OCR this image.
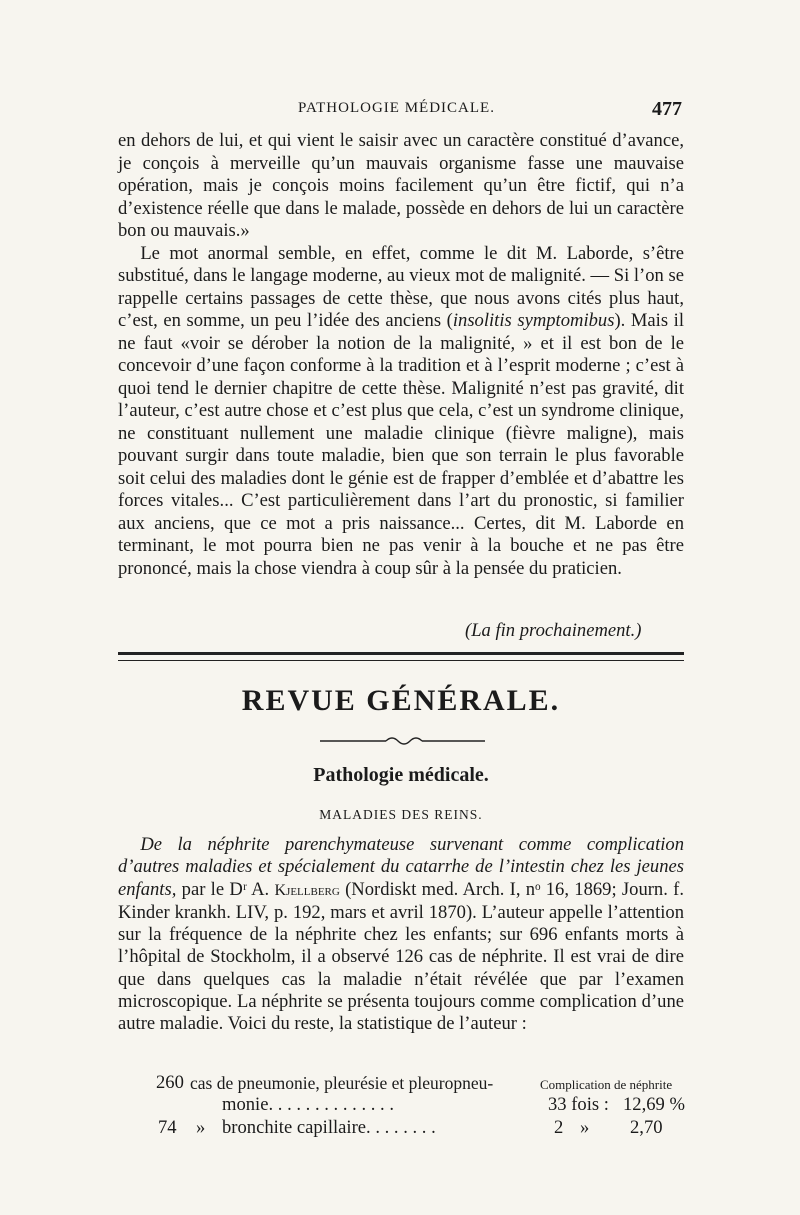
PATHOLOGIE MÉDICALE.	477

en dehors de lui, et qui vient le saisir avec un caractère constitué d’avance, je conçois à merveille qu’un mauvais organisme fasse une mauvaise opération, mais je conçois moins facilement qu’un être fictif, qui n’a d’existence réelle que dans le malade, possède en dehors de lui un caractère bon ou mauvais.»

Le mot anormal semble, en effet, comme le dit M. Laborde, s’être substitué, dans le langage moderne, au vieux mot de malignité. — Si l’on se rappelle certains passages de cette thèse, que nous avons cités plus haut, c’est, en somme, un peu l’idée des anciens (insolitis symptomibus). Mais il ne faut «voir se dérober la notion de la malignité, » et il est bon de le concevoir d’une façon conforme à la tradition et à l’esprit moderne ; c’est à quoi tend le dernier chapitre de cette thèse. Malignité n’est pas gravité, dit l’auteur, c’est autre chose et c’est plus que cela, c’est un syndrome clinique, ne constituant nullement une maladie clinique (fièvre maligne), mais pouvant surgir dans toute maladie, bien que son terrain le plus favorable soit celui des maladies dont le génie est de frapper d’emblée et d’abattre les forces vitales... C’est particulièrement dans l’art du pronostic, si familier aux anciens, que ce mot a pris naissance... Certes, dit M. Laborde en terminant, le mot pourra bien ne pas venir à la bouche et ne pas être prononcé, mais la chose viendra à coup sûr à la pensée du praticien.

(La fin prochainement.)
REVUE GÉNÉRALE.
Pathologie médicale.
MALADIES DES REINS.

De la néphrite parenchymateuse survenant comme complication d’autres maladies et spécialement du catarrhe de l’intestin chez les jeunes enfants, par le Dʳ A. Kjellberg (Nordiskt med. Arch. I, nᵒ 16, 1869; Journ. f. Kinder krankh. LIV, p. 192, mars et avril 1870). L’auteur appelle l’attention sur la fréquence de la néphrite chez les enfants; sur 696 enfants morts à l’hôpital de Stockholm, il a observé 126 cas de néphrite. Il est vrai de dire que dans quelques cas la maladie n’était révélée que par l’examen microscopique. La néphrite se présenta toujours comme complication d’une autre maladie. Voici du reste, la statistique de l’auteur :

Complication de néphrite
260 cas de pneumonie, pleurésie et pleuropneu-
monie. . . . . . . . . . . . . .	33 fois : 12,69 %
74 » bronchite capillaire. . . . . . . .	2 » 2,70
